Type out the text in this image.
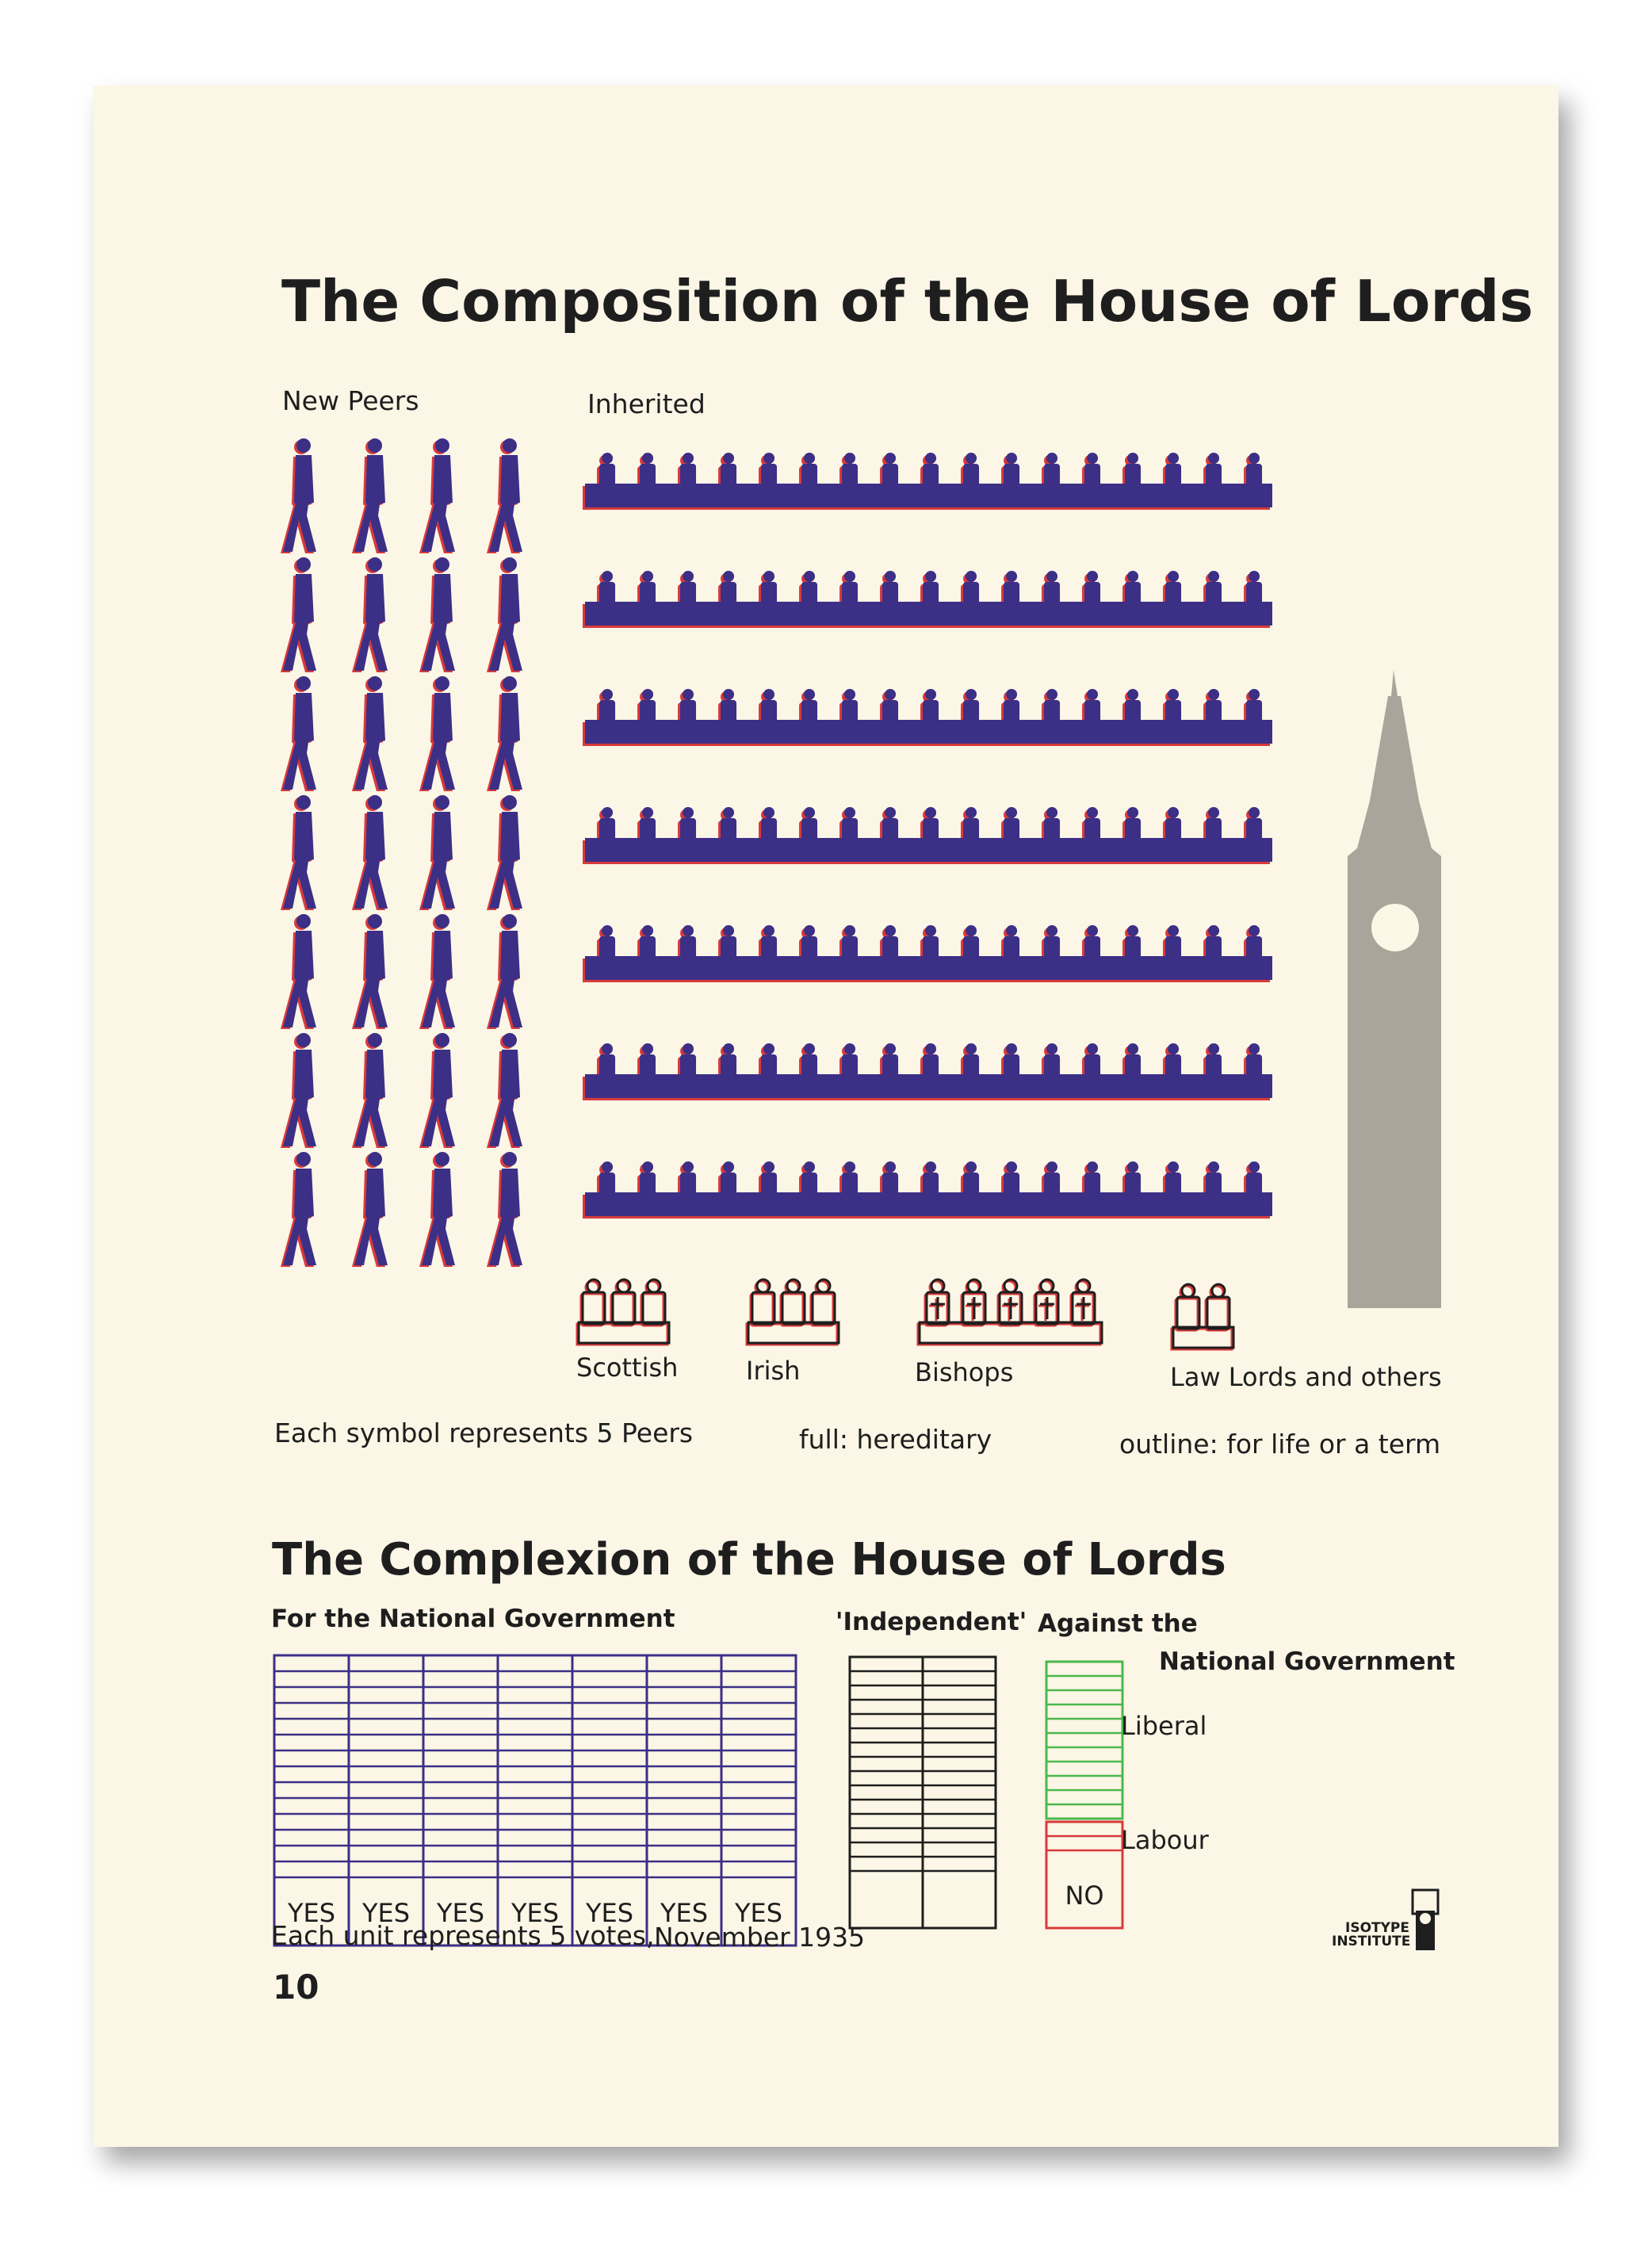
YES YES YES YES YES YES YES
NO
The Composition of the House of Lords
New Peers	Inherited
Scottish	Irish	Bishops	Law Lords and others
Each symbol represents 5 Peers	full: hereditary	outline: for life or a term
The Complexion of the House of Lords
For the National Government	'Independent' Against the
National Government
Liberal
Labour
Each unit represents 5 votes, November 1935
10
ISOTYPE
INSTITUTE
